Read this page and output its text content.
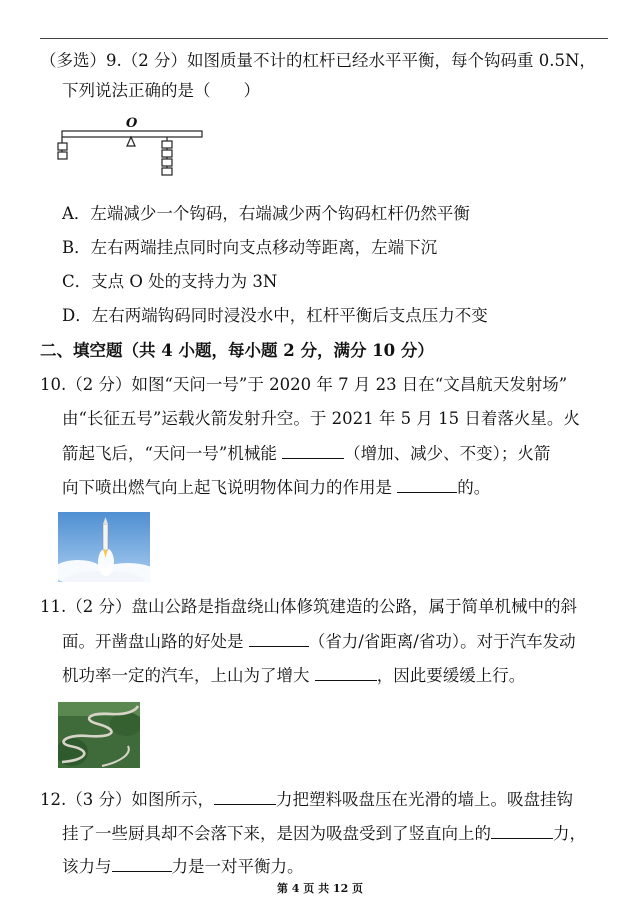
（多选）9.（2 分）如图质量不计的杠杆已经水平平衡，每个钩码重 0.5N，
下列说法正确的是（　　）
O
A．左端减少一个钩码，右端减少两个钩码杠杆仍然平衡
B．左右两端挂点同时向支点移动等距离，左端下沉
C．支点 O 处的支持力为 3N
D．左右两端钩码同时浸没水中，杠杆平衡后支点压力不变
二、填空题（共 4 小题，每小题 2 分，满分 10 分）
10.（2 分）如图“天问一号”于 2020 年 7 月 23 日在“文昌航天发射场”
由“长征五号”运载火箭发射升空。于 2021 年 5 月 15 日着落火星。火
箭起飞后，“天问一号”机械能	（增加、减少、不变）；火箭
向下喷出燃气向上起飞说明物体间力的作用是	的。
11.（2 分）盘山公路是指盘绕山体修筑建造的公路，属于简单机械中的斜
面。开凿盘山路的好处是	（省力/省距离/省功）。对于汽车发动
机功率一定的汽车，上山为了增大	，因此要缓缓上行。
12.（3 分）如图所示，	力把塑料吸盘压在光滑的墙上。吸盘挂钩
挂了一些厨具却不会落下来，是因为吸盘受到了竖直向上的	力，
该力与	力是一对平衡力。
第 4 页 共 12 页
